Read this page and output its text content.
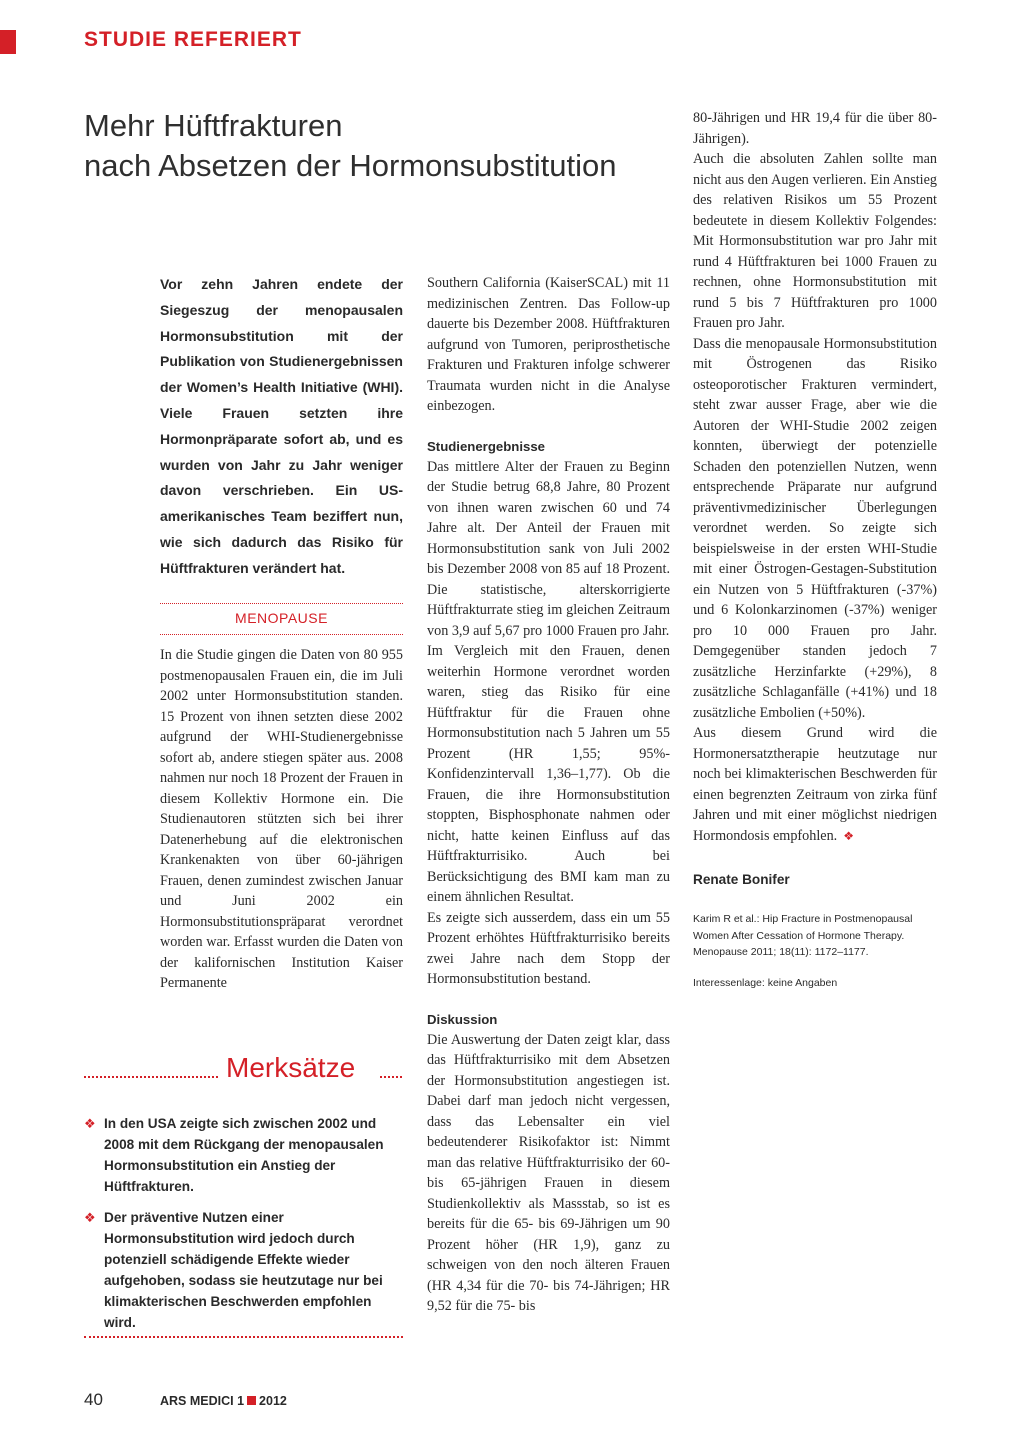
STUDIE REFERIERT
Mehr Hüftfrakturen
nach Absetzen der Hormonsubstitution
Vor zehn Jahren endete der Siegeszug der menopausalen Hormonsubstitution mit der Publikation von Studienergebnissen der Women’s Health Initiative (WHI). Viele Frauen setzten ihre Hormonpräparate sofort ab, und es wurden von Jahr zu Jahr weniger davon verschrieben. Ein US-amerikanisches Team beziffert nun, wie sich dadurch das Risiko für Hüftfrakturen verändert hat.
MENOPAUSE

In die Studie gingen die Daten von 80 955 postmenopausalen Frauen ein, die im Juli 2002 unter Hormonsubstitution standen. 15 Prozent von ihnen setzten diese 2002 aufgrund der WHI-Studienergebnisse sofort ab, andere stiegen später aus. 2008 nahmen nur noch 18 Prozent der Frauen in diesem Kollektiv Hormone ein. Die Studienautoren stützten sich bei ihrer Datenerhebung auf die elektronischen Krankenakten von über 60-jährigen Frauen, denen zumindest zwischen Januar und Juni 2002 ein Hormonsubstitutionspräparat verordnet worden war. Erfasst wurden die Daten von der kalifornischen Institution Kaiser Permanente

Southern California (KaiserSCAL) mit 11 medizinischen Zentren. Das Follow-up dauerte bis Dezember 2008. Hüftfrakturen aufgrund von Tumoren, periprosthetische Frakturen und Frakturen infolge schwerer Traumata wurden nicht in die Analyse einbezogen.

Studienergebnisse

Das mittlere Alter der Frauen zu Beginn der Studie betrug 68,8 Jahre, 80 Prozent von ihnen waren zwischen 60 und 74 Jahre alt. Der Anteil der Frauen mit Hormonsubstitution sank von Juli 2002 bis Dezember 2008 von 85 auf 18 Prozent. Die statistische, alterskorrigierte Hüftfrakturrate stieg im gleichen Zeitraum von 3,9 auf 5,67 pro 1000 Frauen pro Jahr.

Im Vergleich mit den Frauen, denen weiterhin Hormone verordnet worden waren, stieg das Risiko für eine Hüftfraktur für die Frauen ohne Hormonsubstitution nach 5 Jahren um 55 Prozent (HR 1,55; 95%-Konfidenzintervall 1,36–1,77). Ob die Frauen, die ihre Hormonsubstitution stoppten, Bisphosphonate nahmen oder nicht, hatte keinen Einfluss auf das Hüftfrakturrisiko. Auch bei Berücksichtigung des BMI kam man zu einem ähnlichen Resultat.

Es zeigte sich ausserdem, dass ein um 55 Prozent erhöhtes Hüftfrakturrisiko bereits zwei Jahre nach dem Stopp der Hormonsubstitution bestand.

Diskussion

Die Auswertung der Daten zeigt klar, dass das Hüftfrakturrisiko mit dem Absetzen der Hormonsubstitution angestiegen ist. Dabei darf man jedoch nicht vergessen, dass das Lebensalter ein viel bedeutenderer Risikofaktor ist: Nimmt man das relative Hüftfrakturrisiko der 60- bis 65-jährigen Frauen in diesem Studienkollektiv als Massstab, so ist es bereits für die 65- bis 69-Jährigen um 90 Prozent höher (HR 1,9), ganz zu schweigen von den noch älteren Frauen (HR 4,34 für die 70- bis 74-Jährigen; HR 9,52 für die 75- bis

80-Jährigen und HR 19,4 für die über 80-Jährigen).

Auch die absoluten Zahlen sollte man nicht aus den Augen verlieren. Ein Anstieg des relativen Risikos um 55 Prozent bedeutete in diesem Kollektiv Folgendes: Mit Hormonsubstitution war pro Jahr mit rund 4 Hüftfrakturen bei 1000 Frauen zu rechnen, ohne Hormonsubstitution mit rund 5 bis 7 Hüftfrakturen pro 1000 Frauen pro Jahr.

Dass die menopausale Hormonsubstitution mit Östrogenen das Risiko osteoporotischer Frakturen vermindert, steht zwar ausser Frage, aber wie die Autoren der WHI-Studie 2002 zeigen konnten, überwiegt der potenzielle Schaden den potenziellen Nutzen, wenn entsprechende Präparate nur aufgrund präventivmedizinischer Überlegungen verordnet werden. So zeigte sich beispielsweise in der ersten WHI-Studie mit einer Östrogen-Gestagen-Substitution ein Nutzen von 5 Hüftfrakturen (-37%) und 6 Kolonkarzinomen (-37%) weniger pro 10 000 Frauen pro Jahr. Demgegenüber standen jedoch 7 zusätzliche Herzinfarkte (+29%), 8 zusätzliche Schlaganfälle (+41%) und 18 zusätzliche Embolien (+50%).

Aus diesem Grund wird die Hormonersatztherapie heutzutage nur noch bei klimakterischen Beschwerden für einen begrenzten Zeitraum von zirka fünf Jahren und mit einer möglichst niedrigen Hormondosis empfohlen. ❖

Renate Bonifer
Karim R et al.: Hip Fracture in Postmenopausal Women After Cessation of Hormone Therapy. Menopause 2011; 18(11): 1172–1177.
Interessenlage: keine Angaben
Merksätze
❖ In den USA zeigte sich zwischen 2002 und 2008 mit dem Rückgang der menopausalen Hormonsubstitution ein Anstieg der Hüftfrakturen.
❖ Der präventive Nutzen einer Hormonsubstitution wird jedoch durch potenziell schädigende Effekte wieder aufgehoben, sodass sie heutzutage nur bei klimakterischen Beschwerden empfohlen wird.
40	ARS MEDICI 1 2012
